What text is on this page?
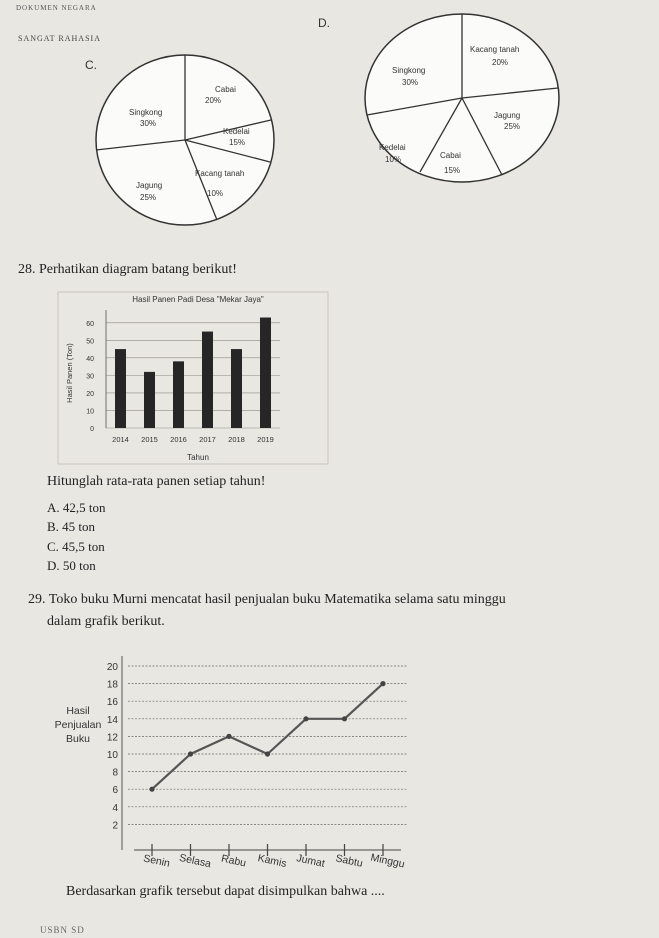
DOKUMEN NEGARA
SANGAT RAHASIA
C.
Cabai
20%
Singkong
30%
Kedelai
15%
Jagung
25%
Kacang tanah
10%
D.
Kacang tanah
20%
Singkong
30%
Jagung
25%
Kedelai
10%	Cabai
15%
28. Perhatikan diagram batang berikut!
Hasil Panen Padi Desa "Mekar Jaya"
Tahun
Hasil Panen (Ton)
0
10
20
30
40
50
60
2014 2015 2016 2017 2018 2019
Hitunglah rata-rata panen setiap tahun!
A. 42,5 ton
B. 45 ton
C. 45,5 ton
D. 50 ton
29. Toko buku Murni mencatat hasil penjualan buku Matematika selama satu minggu
dalam grafik berikut.
Hasil
Penjualan
Buku
2
4
6
8
10
12
14
16
18
20
Senin Selasa Rabu Kamis Jumat Sabtu Minggu
Berdasarkan grafik tersebut dapat disimpulkan bahwa ....
USBN SD
